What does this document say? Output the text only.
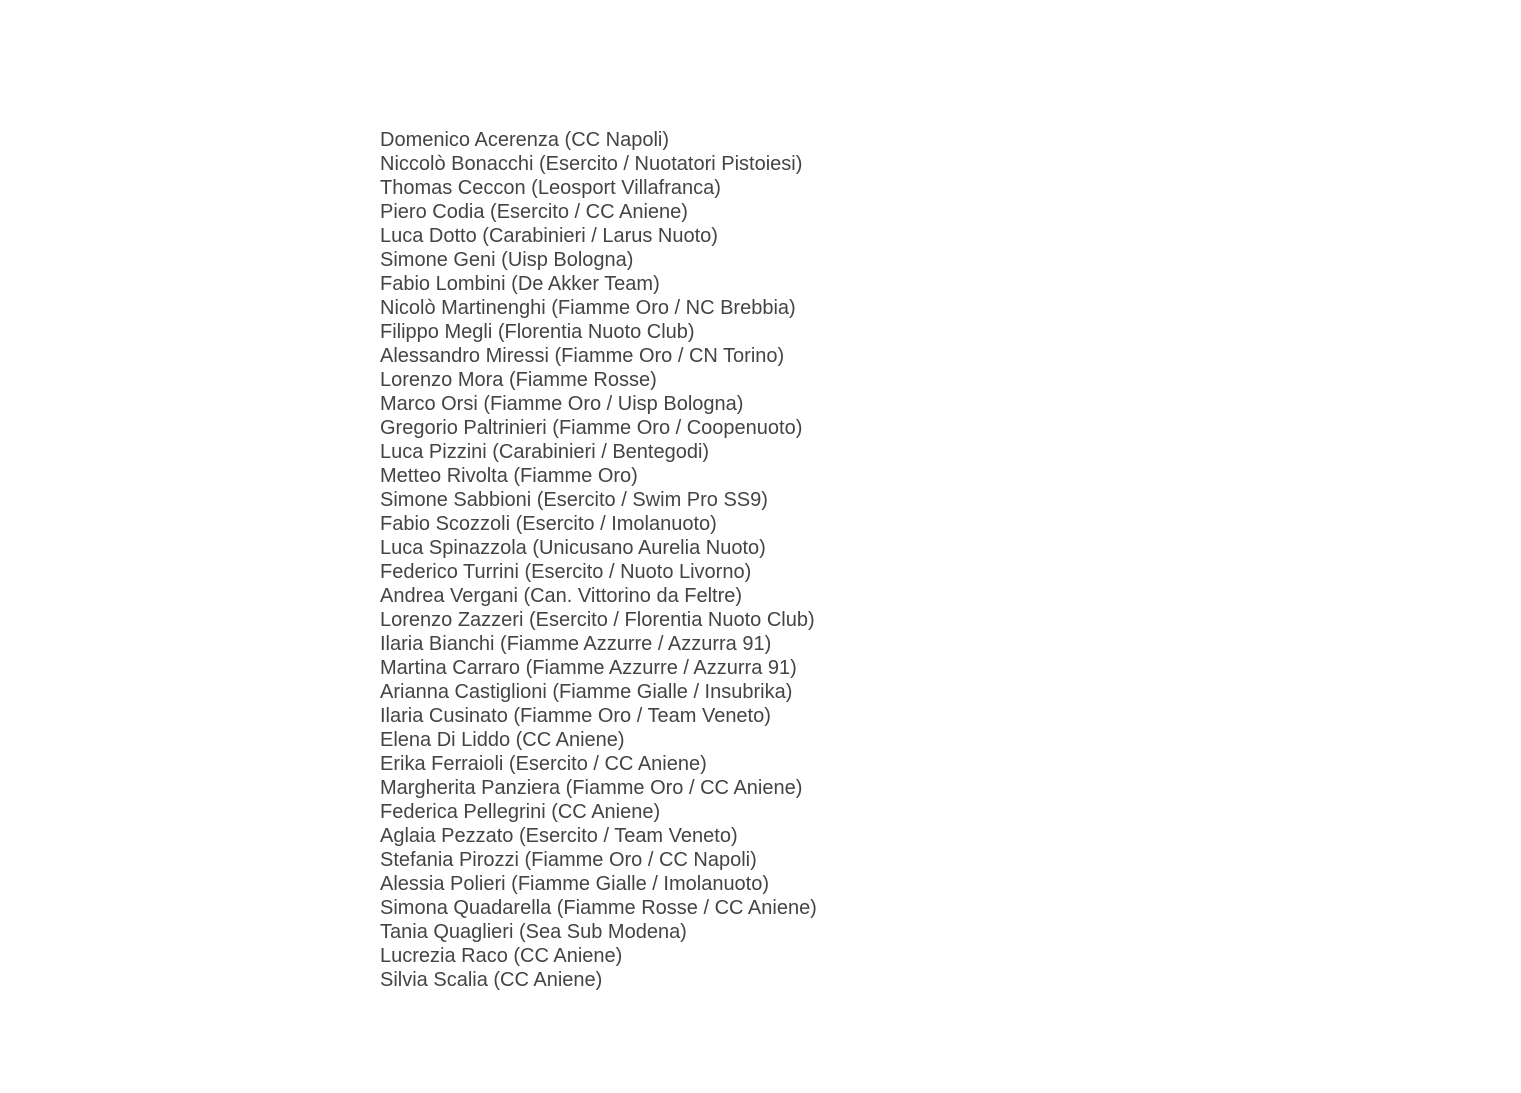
Domenico Acerenza (CC Napoli)
Niccolò Bonacchi (Esercito / Nuotatori Pistoiesi)
Thomas Ceccon (Leosport Villafranca)
Piero Codia (Esercito / CC Aniene)
Luca Dotto (Carabinieri / Larus Nuoto)
Simone Geni (Uisp Bologna)
Fabio Lombini (De Akker Team)
Nicolò Martinenghi (Fiamme Oro / NC Brebbia)
Filippo Megli (Florentia Nuoto Club)
Alessandro Miressi (Fiamme Oro / CN Torino)
Lorenzo Mora (Fiamme Rosse)
Marco Orsi (Fiamme Oro / Uisp Bologna)
Gregorio Paltrinieri (Fiamme Oro / Coopenuoto)
Luca Pizzini (Carabinieri / Bentegodi)
Metteo Rivolta (Fiamme Oro)
Simone Sabbioni (Esercito / Swim Pro SS9)
Fabio Scozzoli (Esercito / Imolanuoto)
Luca Spinazzola (Unicusano Aurelia Nuoto)
Federico Turrini (Esercito / Nuoto Livorno)
Andrea Vergani (Can. Vittorino da Feltre)
Lorenzo Zazzeri (Esercito / Florentia Nuoto Club)
Ilaria Bianchi (Fiamme Azzurre / Azzurra 91)
Martina Carraro (Fiamme Azzurre / Azzurra 91)
Arianna Castiglioni (Fiamme Gialle / Insubrika)
Ilaria Cusinato (Fiamme Oro / Team Veneto)
Elena Di Liddo (CC Aniene)
Erika Ferraioli (Esercito / CC Aniene)
Margherita Panziera (Fiamme Oro / CC Aniene)
Federica Pellegrini (CC Aniene)
Aglaia Pezzato (Esercito / Team Veneto)
Stefania Pirozzi (Fiamme Oro / CC Napoli)
Alessia Polieri (Fiamme Gialle / Imolanuoto)
Simona Quadarella (Fiamme Rosse / CC Aniene)
Tania Quaglieri (Sea Sub Modena)
Lucrezia Raco (CC Aniene)
Silvia Scalia (CC Aniene)
